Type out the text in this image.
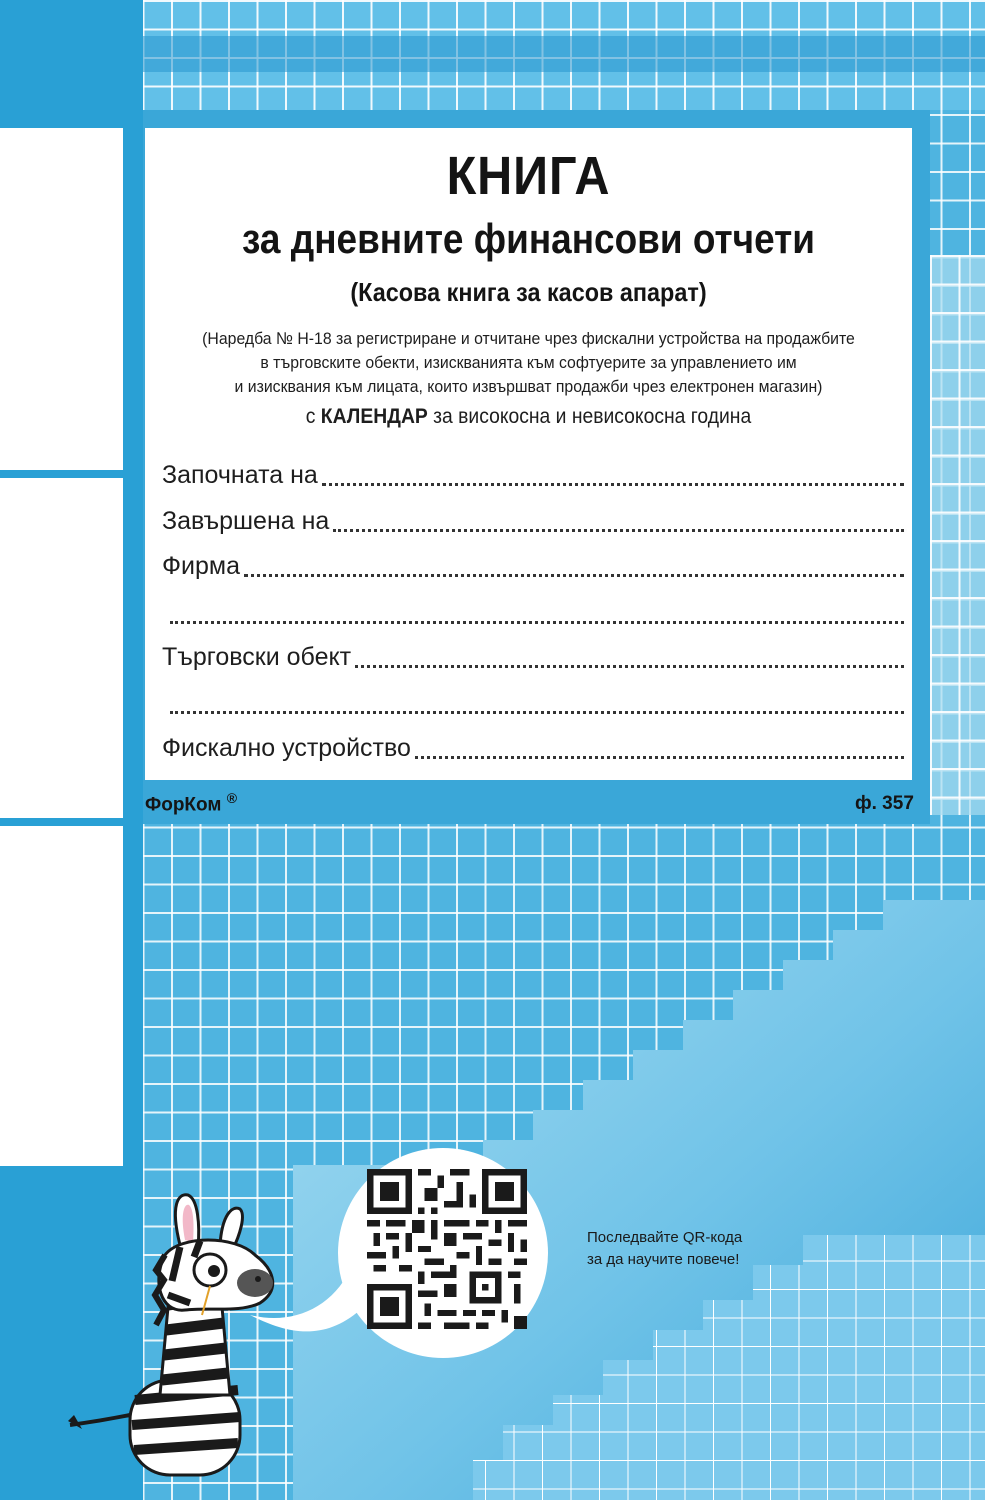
КНИГА
за дневните финансови отчети
(Касова книга за касов апарат)
(Наредба № Н-18 за регистриране и отчитане чрез фискални устройства на продажбите
в търговските обекти, изискванията към софтуерите за управлението им
и изисквания към лицата, които извършват продажби чрез електронен магазин)
с КАЛЕНДАР за високосна и невисокосна година
Започната на
Завършена на
Фирма
Търговски обект
Фискално устройство
ФорКом ®	ф. 357
Последвайте QR-кода
за да научите повече!
